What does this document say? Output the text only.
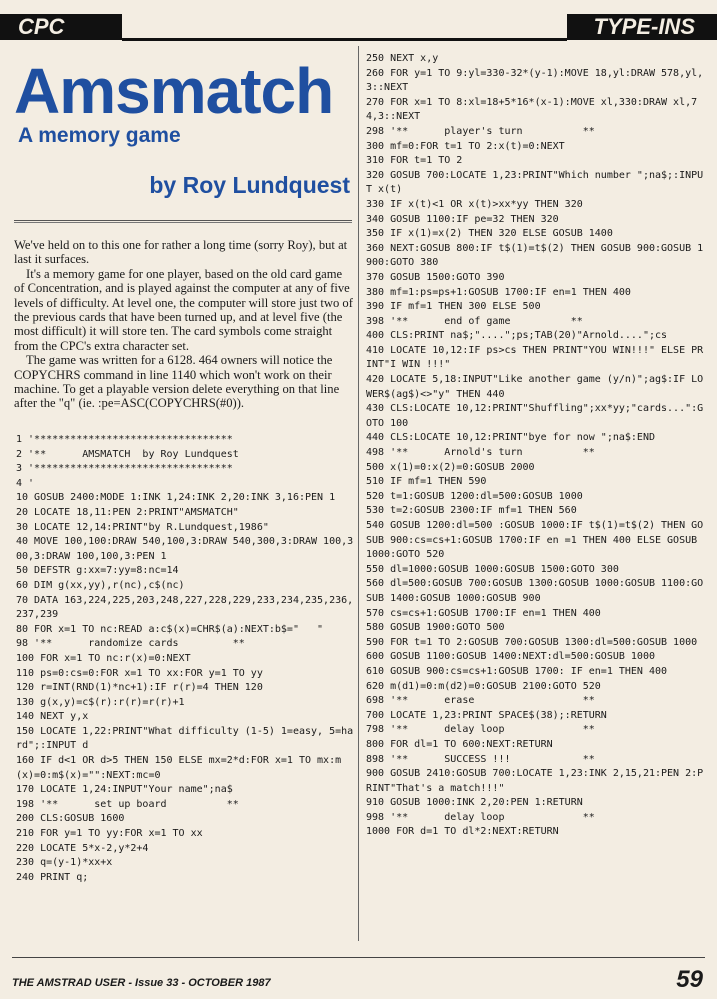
CPC	TYPE-INS
Amsmatch
A memory game
by Roy Lundquest

We've held on to this one for rather a long time (sorry Roy), but at last it surfaces.

It's a memory game for one player, based on the old card game of Concentration, and is played against the computer at any of five levels of difficulty. At level one, the computer will store just two of the previous cards that have been turned up, and at level five (the most difficult) it will store ten. The card symbols come straight from the CPC's extra character set.

The game was written for a 6128. 464 owners will notice the COPYCHRS command in line 1140 which won't work on their machine. To get a playable version delete everything on that line after the "q" (ie. :pe=ASC(COPYCHRS(#0)).

1 '*********************************
2 '**      AMSMATCH  by Roy Lundquest
3 '*********************************
4 '
10 GOSUB 2400:MODE 1:INK 1,24:INK 2,20:INK 3,16:PEN 1
20 LOCATE 18,11:PEN 2:PRINT"AMSMATCH"
30 LOCATE 12,14:PRINT"by R.Lundquest,1986"
40 MOVE 100,100:DRAW 540,100,3:DRAW 540,300,3:DRAW 100,300,3:DRAW 100,100,3:PEN 1
50 DEFSTR g:xx=7:yy=8:nc=14
60 DIM g(xx,yy),r(nc),c$(nc)
70 DATA 163,224,225,203,248,227,228,229,233,234,235,236,237,239
80 FOR x=1 TO nc:READ a:c$(x)=CHR$(a):NEXT:b$="   "
98 '**      randomize cards         **
100 FOR x=1 TO nc:r(x)=0:NEXT
110 ps=0:cs=0:FOR x=1 TO xx:FOR y=1 TO yy
120 r=INT(RND(1)*nc+1):IF r(r)=4 THEN 120
130 g(x,y)=c$(r):r(r)=r(r)+1
140 NEXT y,x
150 LOCATE 1,22:PRINT"What difficulty (1-5) 1=easy, 5=hard";:INPUT d
160 IF d<1 OR d>5 THEN 150 ELSE mx=2*d:FOR x=1 TO mx:m(x)=0:m$(x)="":NEXT:mc=0
170 LOCATE 1,24:INPUT"Your name";na$
198 '**      set up board          **
200 CLS:GOSUB 1600
210 FOR y=1 TO yy:FOR x=1 TO xx
220 LOCATE 5*x-2,y*2+4
230 q=(y-1)*xx+x
240 PRINT q;
250 NEXT x,y
260 FOR y=1 TO 9:yl=330-32*(y-1):MOVE 18,yl:DRAW 578,yl,3::NEXT
270 FOR x=1 TO 8:xl=18+5*16*(x-1):MOVE xl,330:DRAW xl,74,3::NEXT
298 '**      player's turn          **
300 mf=0:FOR t=1 TO 2:x(t)=0:NEXT
310 FOR t=1 TO 2
320 GOSUB 700:LOCATE 1,23:PRINT"Which number ";na$;:INPUT x(t)
330 IF x(t)<1 OR x(t)>xx*yy THEN 320
340 GOSUB 1100:IF pe=32 THEN 320
350 IF x(1)=x(2) THEN 320 ELSE GOSUB 1400
360 NEXT:GOSUB 800:IF t$(1)=t$(2) THEN GOSUB 900:GOSUB 1900:GOTO 380
370 GOSUB 1500:GOTO 390
380 mf=1:ps=ps+1:GOSUB 1700:IF en=1 THEN 400
390 IF mf=1 THEN 300 ELSE 500
398 '**      end of game          **
400 CLS:PRINT na$;"....";ps;TAB(20)"Arnold....";cs
410 LOCATE 10,12:IF ps>cs THEN PRINT"YOU WIN!!!" ELSE PRINT"I WIN !!!"
420 LOCATE 5,18:INPUT"Like another game (y/n)";ag$:IF LOWER$(ag$)<>"y" THEN 440
430 CLS:LOCATE 10,12:PRINT"Shuffling";xx*yy;"cards...":GOTO 100
440 CLS:LOCATE 10,12:PRINT"bye for now ";na$:END
498 '**      Arnold's turn          **
500 x(1)=0:x(2)=0:GOSUB 2000
510 IF mf=1 THEN 590
520 t=1:GOSUB 1200:dl=500:GOSUB 1000
530 t=2:GOSUB 2300:IF mf=1 THEN 560
540 GOSUB 1200:dl=500 :GOSUB 1000:IF t$(1)=t$(2) THEN GOSUB 900:cs=cs+1:GOSUB 1700:IF en =1 THEN 400 ELSE GOSUB 1000:GOTO 520
550 dl=1000:GOSUB 1000:GOSUB 1500:GOTO 300
560 dl=500:GOSUB 700:GOSUB 1300:GOSUB 1000:GOSUB 1100:GOSUB 1400:GOSUB 1000:GOSUB 900
570 cs=cs+1:GOSUB 1700:IF en=1 THEN 400
580 GOSUB 1900:GOTO 500
590 FOR t=1 TO 2:GOSUB 700:GOSUB 1300:dl=500:GOSUB 1000
600 GOSUB 1100:GOSUB 1400:NEXT:dl=500:GOSUB 1000
610 GOSUB 900:cs=cs+1:GOSUB 1700: IF en=1 THEN 400
620 m(d1)=0:m(d2)=0:GOSUB 2100:GOTO 520
698 '**      erase                  **
700 LOCATE 1,23:PRINT SPACE$(38);:RETURN
798 '**      delay loop             **
800 FOR dl=1 TO 600:NEXT:RETURN
898 '**      SUCCESS !!!            **
900 GOSUB 2410:GOSUB 700:LOCATE 1,23:INK 2,15,21:PEN 2:PRINT"That's a match!!!"
910 GOSUB 1000:INK 2,20:PEN 1:RETURN
998 '**      delay loop             **
1000 FOR d=1 TO dl*2:NEXT:RETURN
THE AMSTRAD USER - Issue 33 - OCTOBER 1987	59
